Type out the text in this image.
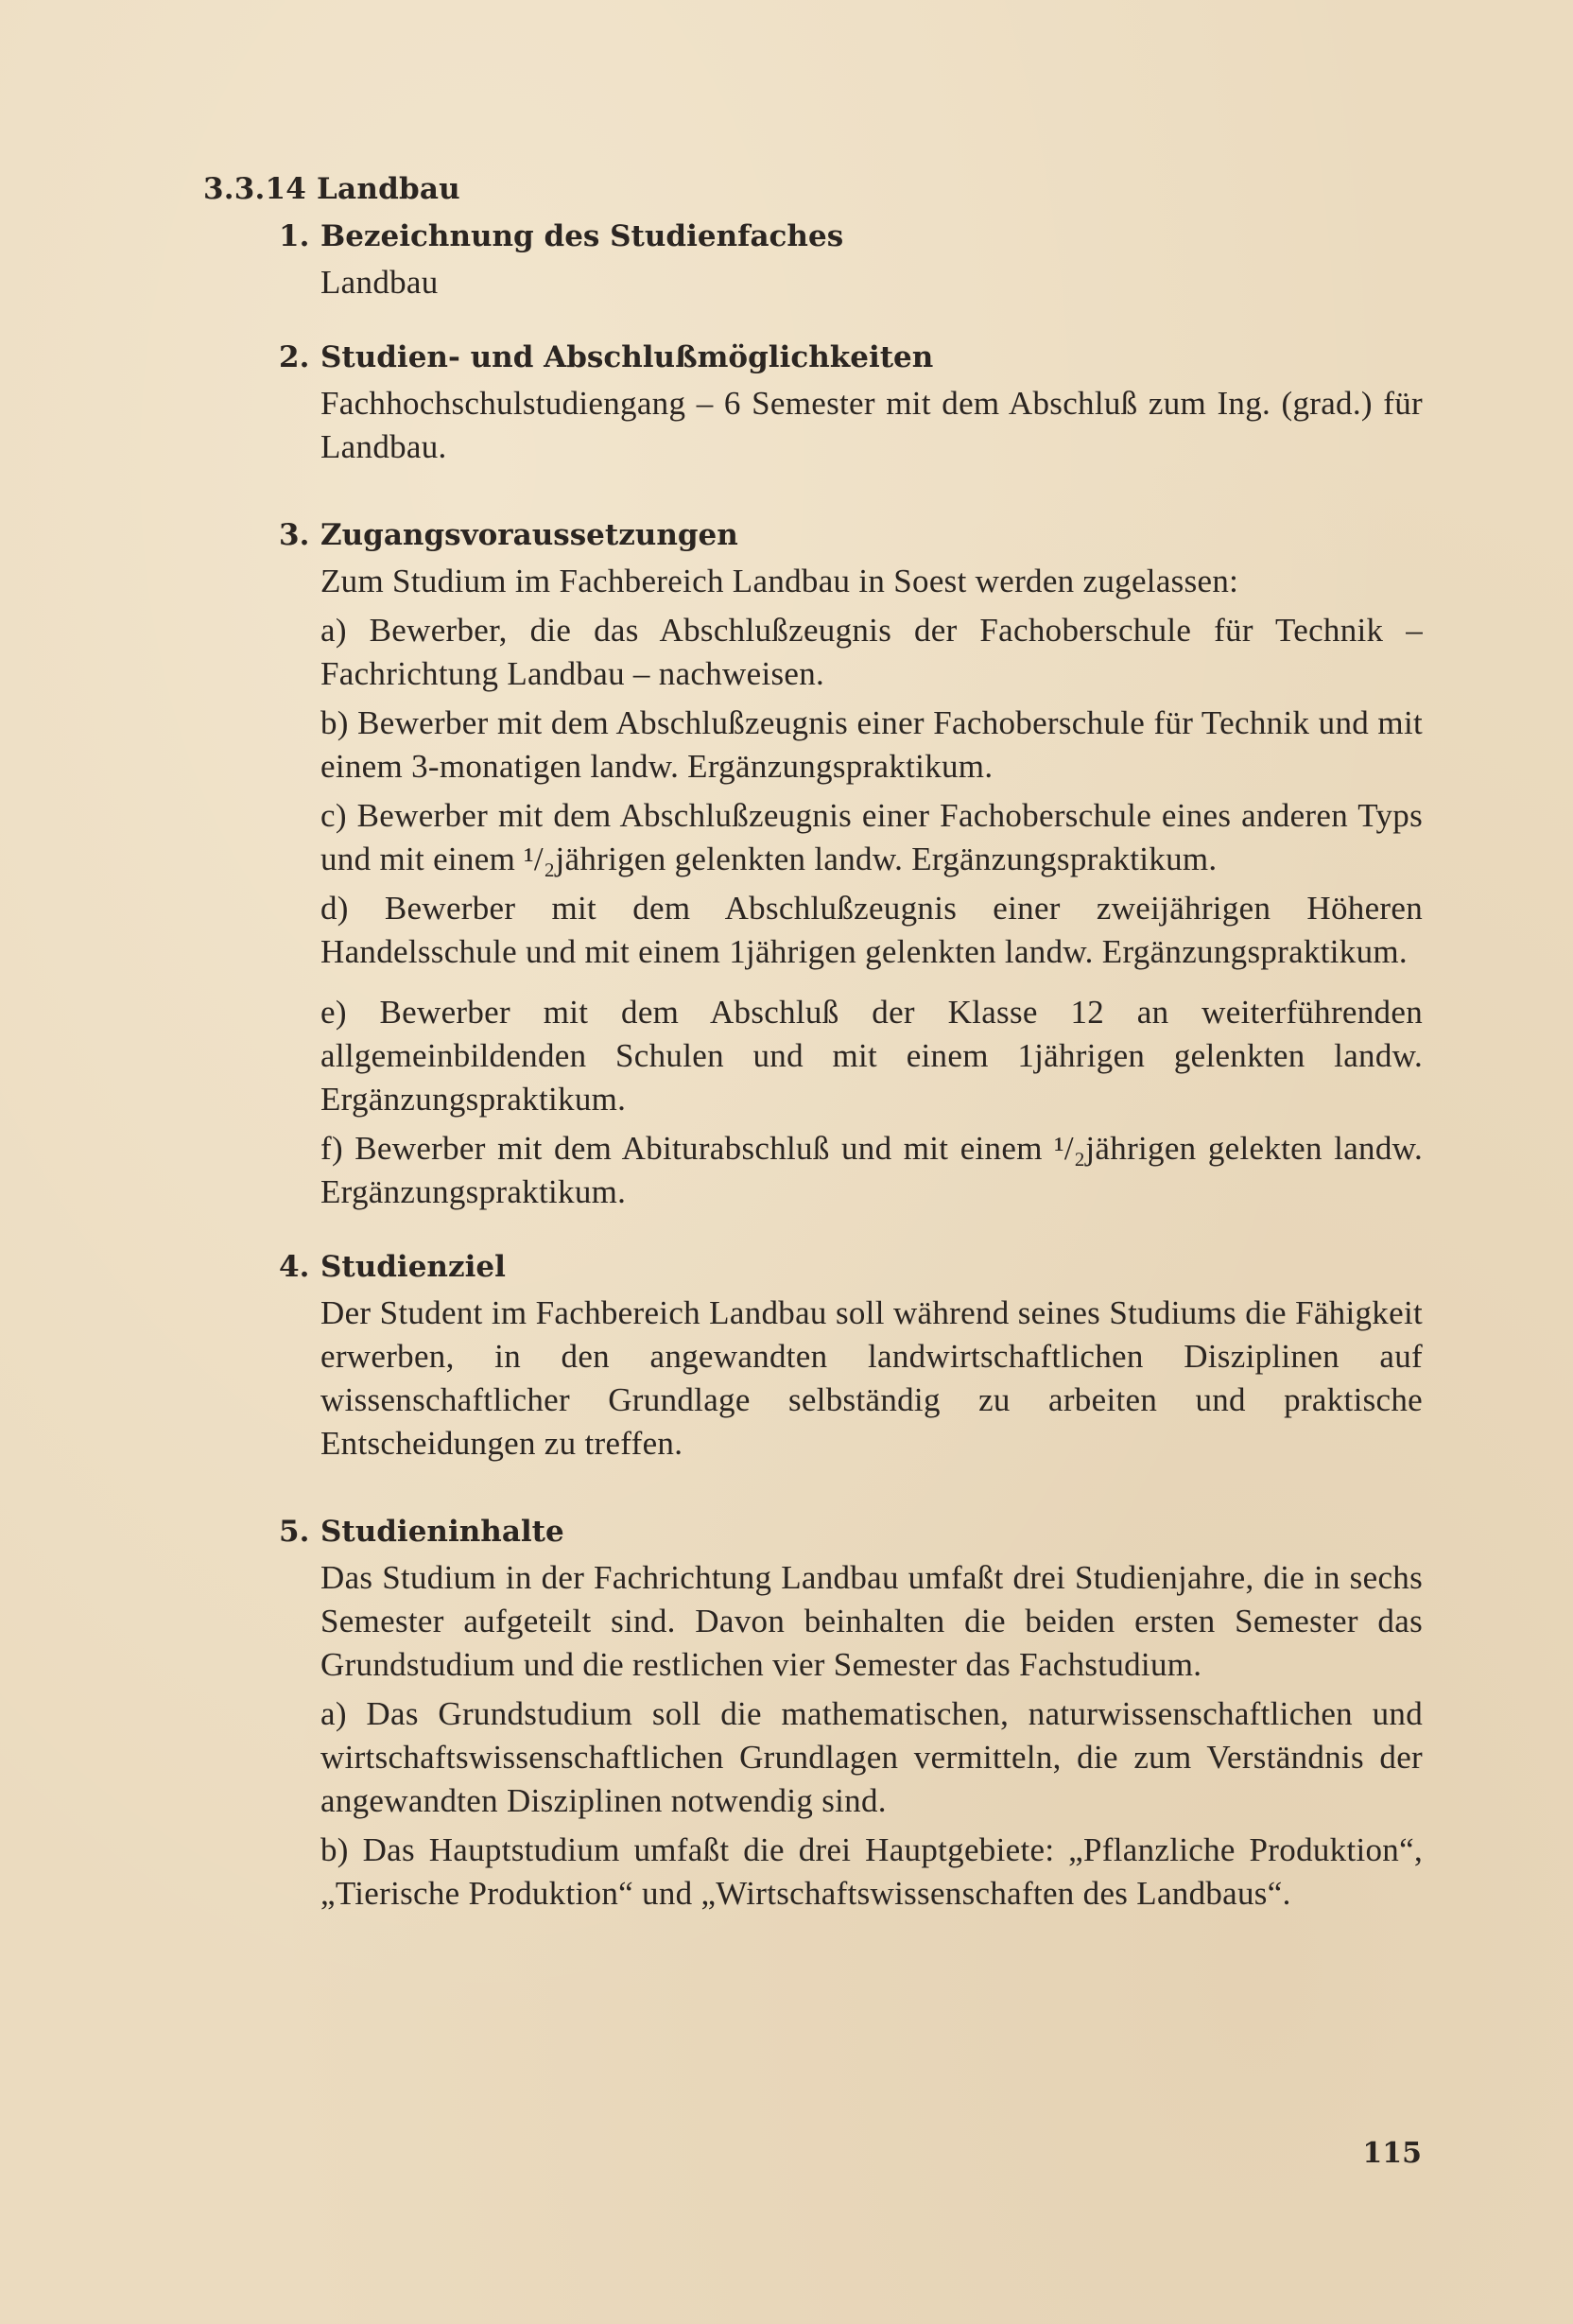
3.3.14 Landbau
1. Bezeichnung des Studienfaches

Landbau

2. Studien- und Abschlußmöglichkeiten

Fachhochschulstudiengang – 6 Semester mit dem Abschluß zum Ing. (grad.) für Landbau.

3. Zugangsvoraussetzungen

Zum Studium im Fachbereich Landbau in Soest werden zugelassen:

a) Bewerber, die das Abschlußzeugnis der Fachoberschule für Technik – Fachrichtung Landbau – nachweisen.

b) Bewerber mit dem Abschlußzeugnis einer Fachoberschule für Technik und mit einem 3-monatigen landw. Ergänzungspraktikum.

c) Bewerber mit dem Abschlußzeugnis einer Fachoberschule eines anderen Typs und mit einem ¹/₂jährigen gelenkten landw. Ergänzungspraktikum.

d) Bewerber mit dem Abschlußzeugnis einer zweijährigen Höheren Handelsschule und mit einem 1jährigen gelenkten landw. Ergänzungspraktikum.

e) Bewerber mit dem Abschluß der Klasse 12 an weiterführenden allgemeinbildenden Schulen und mit einem 1jährigen gelenkten landw. Ergänzungspraktikum.

f) Bewerber mit dem Abiturabschluß und mit einem ¹/₂jährigen gelekten landw. Ergänzungspraktikum.

4. Studienziel

Der Student im Fachbereich Landbau soll während seines Studiums die Fähigkeit erwerben, in den angewandten landwirtschaftlichen Disziplinen auf wissenschaftlicher Grundlage selbständig zu arbeiten und praktische Entscheidungen zu treffen.

5. Studieninhalte

Das Studium in der Fachrichtung Landbau umfaßt drei Studienjahre, die in sechs Semester aufgeteilt sind. Davon beinhalten die beiden ersten Semester das Grundstudium und die restlichen vier Semester das Fachstudium.

a) Das Grundstudium soll die mathematischen, naturwissenschaftlichen und wirtschaftswissenschaftlichen Grundlagen vermitteln, die zum Verständnis der angewandten Disziplinen notwendig sind.

b) Das Hauptstudium umfaßt die drei Hauptgebiete: „Pflanzliche Produktion“, „Tierische Produktion“ und „Wirtschaftswissenschaften des Landbaus“.

115
